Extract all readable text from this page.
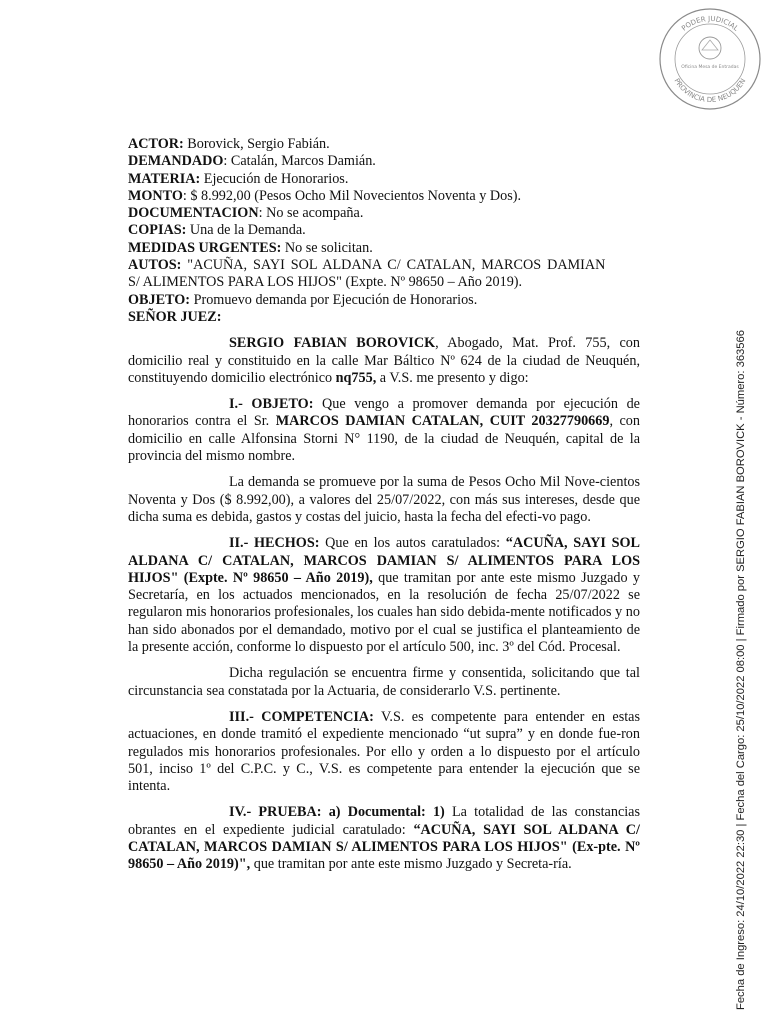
Oficina Mesa de Entradas
PODER JUDICIAL
PROVINCIA DE NEUQUEN
Fecha de Ingreso: 24/10/2022 22:30 | Fecha del Cargo: 25/10/2022 08:00 | Firmado por SERGIO FABIAN BOROVICK - Número: 363566
ACTOR: Borovick, Sergio Fabián.
DEMANDADO: Catalán, Marcos Damián.
MATERIA: Ejecución de Honorarios.
MONTO: $ 8.992,00 (Pesos Ocho Mil Novecientos Noventa y Dos).
DOCUMENTACION: No se acompaña.
COPIAS: Una de la Demanda.
MEDIDAS URGENTES: No se solicitan.
AUTOS: "ACUÑA, SAYI SOL ALDANA C/ CATALAN, MARCOS DAMIAN
S/ ALIMENTOS PARA LOS HIJOS" (Expte. Nº 98650 – Año 2019).
OBJETO: Promuevo demanda por Ejecución de Honorarios.
SEÑOR JUEZ:

SERGIO FABIAN BOROVICK, Abogado, Mat. Prof. 755, con domicilio real y constituido en la calle Mar Báltico Nº 624 de la ciudad de Neuquén, constituyendo domicilio electrónico nq755, a V.S. me presento y digo:

I.- OBJETO: Que vengo a promover demanda por ejecución de honorarios contra el Sr. MARCOS DAMIAN CATALAN, CUIT 20327790669, con domicilio en calle Alfonsina Storni N° 1190, de la ciudad de Neuquén, capital de la provincia del mismo nombre.

La demanda se promueve por la suma de Pesos Ocho Mil Nove-cientos Noventa y Dos ($ 8.992,00), a valores del 25/07/2022, con más sus intereses, desde que dicha suma es debida, gastos y costas del juicio, hasta la fecha del efecti-vo pago.

II.- HECHOS: Que en los autos caratulados: “ACUÑA, SAYI SOL ALDANA C/ CATALAN, MARCOS DAMIAN S/ ALIMENTOS PARA LOS HIJOS" (Expte. Nº 98650 – Año 2019), que tramitan por ante este mismo Juzgado y Secretaría, en los actuados mencionados, en la resolución de fecha 25/07/2022 se regularon mis honorarios profesionales, los cuales han sido debida-mente notificados y no han sido abonados por el demandado, motivo por el cual se justifica el planteamiento de la presente acción, conforme lo dispuesto por el artículo 500, inc. 3º del Cód. Procesal.

Dicha regulación se encuentra firme y consentida, solicitando que tal circunstancia sea constatada por la Actuaria, de considerarlo V.S. pertinente.

III.- COMPETENCIA: V.S. es competente para entender en estas actuaciones, en donde tramitó el expediente mencionado “ut supra” y en donde fue-ron regulados mis honorarios profesionales. Por ello y orden a lo dispuesto por el artículo 501, inciso 1º del C.P.C. y C., V.S. es competente para entender la ejecución que se intenta.

IV.- PRUEBA: a) Documental: 1) La totalidad de las constancias obrantes en el expediente judicial caratulado: “ACUÑA, SAYI SOL ALDANA C/ CATALAN, MARCOS DAMIAN S/ ALIMENTOS PARA LOS HIJOS" (Ex-pte. Nº 98650 – Año 2019)", que tramitan por ante este mismo Juzgado y Secreta-ría.
